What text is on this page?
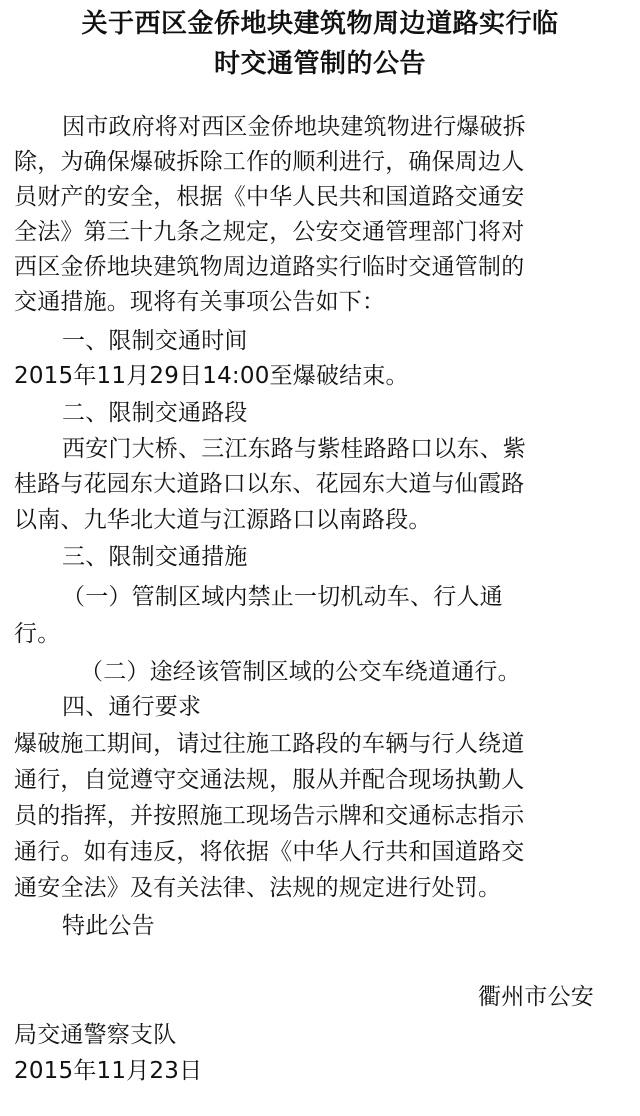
关于西区金侨地块建筑物周边道路实行临
时交通管制的公告
因市政府将对西区金侨地块建筑物进行爆破拆
除，为确保爆破拆除工作的顺利进行，确保周边人
员财产的安全，根据《中华人民共和国道路交通安
全法》第三十九条之规定，公安交通管理部门将对
西区金侨地块建筑物周边道路实行临时交通管制的
交通措施。现将有关事项公告如下：
一、限制交通时间
2015年11月29日14:00至爆破结束。
二、限制交通路段
西安门大桥、三江东路与紫桂路路口以东、紫
桂路与花园东大道路口以东、花园东大道与仙霞路
以南、九华北大道与江源路口以南路段。
三、限制交通措施
（一）管制区域内禁止一切机动车、行人通
行。
（二）途经该管制区域的公交车绕道通行。
四、通行要求
爆破施工期间，请过往施工路段的车辆与行人绕道
通行，自觉遵守交通法规，服从并配合现场执勤人
员的指挥，并按照施工现场告示牌和交通标志指示
通行。如有违反，将依据《中华人行共和国道路交
通安全法》及有关法律、法规的规定进行处罚。
特此公告
衢州市公安
局交通警察支队
2015年11月23日
